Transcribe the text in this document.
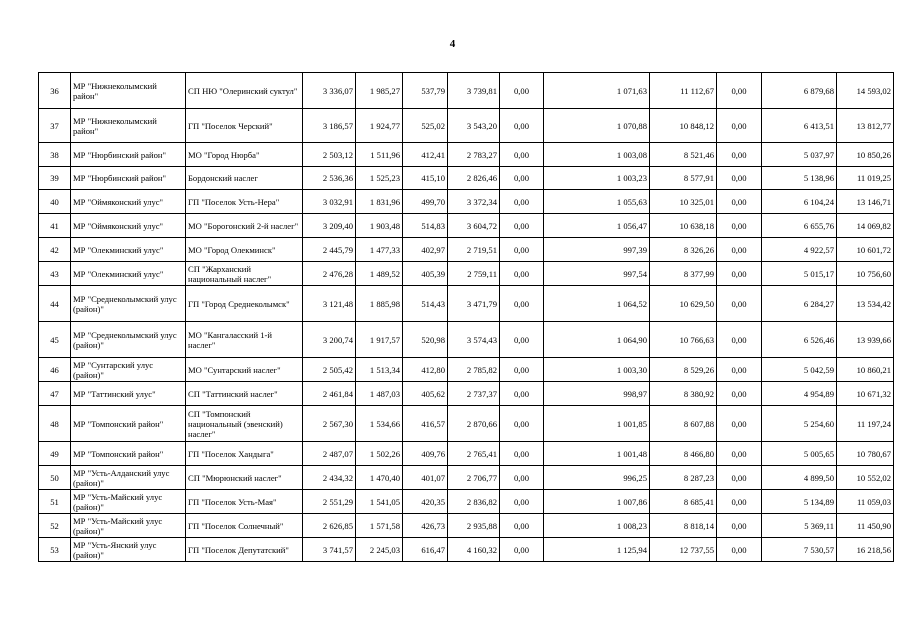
4
36	МР "Нижнеколымский район"	СП НЮ "Олеринский суктул"	3 336,07	1 985,27	537,79	3 739,81	0,00	1 071,63	11 112,67	0,00	6 879,68	14 593,02
37	МР "Нижнеколымский район"	ГП "Поселок Черский"	3 186,57	1 924,77	525,02	3 543,20	0,00	1 070,88	10 848,12	0,00	6 413,51	13 812,77
38	МР "Нюрбинский район"	МО "Город Нюрба"	2 503,12	1 511,96	412,41	2 783,27	0,00	1 003,08	8 521,46	0,00	5 037,97	10 850,26
39	МР "Нюрбинский район"	Бордонский наслег	2 536,36	1 525,23	415,10	2 826,46	0,00	1 003,23	8 577,91	0,00	5 138,96	11 019,25
40	МР "Оймяконский улус"	ГП "Поселок Усть-Нера"	3 032,91	1 831,96	499,70	3 372,34	0,00	1 055,63	10 325,01	0,00	6 104,24	13 146,71
41	МР "Оймяконский улус"	МО "Борогонский 2-й наслег"	3 209,40	1 903,48	514,83	3 604,72	0,00	1 056,47	10 638,18	0,00	6 655,76	14 069,82
42	МР "Олекминский улус"	МО "Город Олекминск"	2 445,79	1 477,33	402,97	2 719,51	0,00	997,39	8 326,26	0,00	4 922,57	10 601,72
43	МР "Олекминский улус"	СП "Жарханский национальный наслег"	2 476,28	1 489,52	405,39	2 759,11	0,00	997,54	8 377,99	0,00	5 015,17	10 756,60
44	МР "Среднеколымский улус (район)"	ГП "Город Среднеколымск"	3 121,48	1 885,98	514,43	3 471,79	0,00	1 064,52	10 629,50	0,00	6 284,27	13 534,42
45	МР "Среднеколымский улус (район)"	МО "Кангаласский 1-й наслег"	3 200,74	1 917,57	520,98	3 574,43	0,00	1 064,90	10 766,63	0,00	6 526,46	13 939,66
46	МР "Сунтарский улус (район)"	МО "Сунтарский наслег"	2 505,42	1 513,34	412,80	2 785,82	0,00	1 003,30	8 529,26	0,00	5 042,59	10 860,21
47	МР "Таттинский улус"	СП "Таттинский наслег"	2 461,84	1 487,03	405,62	2 737,37	0,00	998,97	8 380,92	0,00	4 954,89	10 671,32
48	МР "Томпонский район"	СП "Томпонский национальный (эвенский) наслег"	2 567,30	1 534,66	416,57	2 870,66	0,00	1 001,85	8 607,88	0,00	5 254,60	11 197,24
49	МР "Томпонский район"	ГП "Поселок Хандыга"	2 487,07	1 502,26	409,76	2 765,41	0,00	1 001,48	8 466,80	0,00	5 005,65	10 780,67
50	МР "Усть-Алданский улус (район)"	СП "Мюрюнский наслег"	2 434,32	1 470,40	401,07	2 706,77	0,00	996,25	8 287,23	0,00	4 899,50	10 552,02
51	МР "Усть-Майский улус (район)"	ГП "Поселок Усть-Мая"	2 551,29	1 541,05	420,35	2 836,82	0,00	1 007,86	8 685,41	0,00	5 134,89	11 059,03
52	МР "Усть-Майский улус (район)"	ГП "Поселок Солнечный"	2 626,85	1 571,58	426,73	2 935,88	0,00	1 008,23	8 818,14	0,00	5 369,11	11 450,90
53	МР "Усть-Янский улус (район)"	ГП "Поселок Депутатский"	3 741,57	2 245,03	616,47	4 160,32	0,00	1 125,94	12 737,55	0,00	7 530,57	16 218,56
